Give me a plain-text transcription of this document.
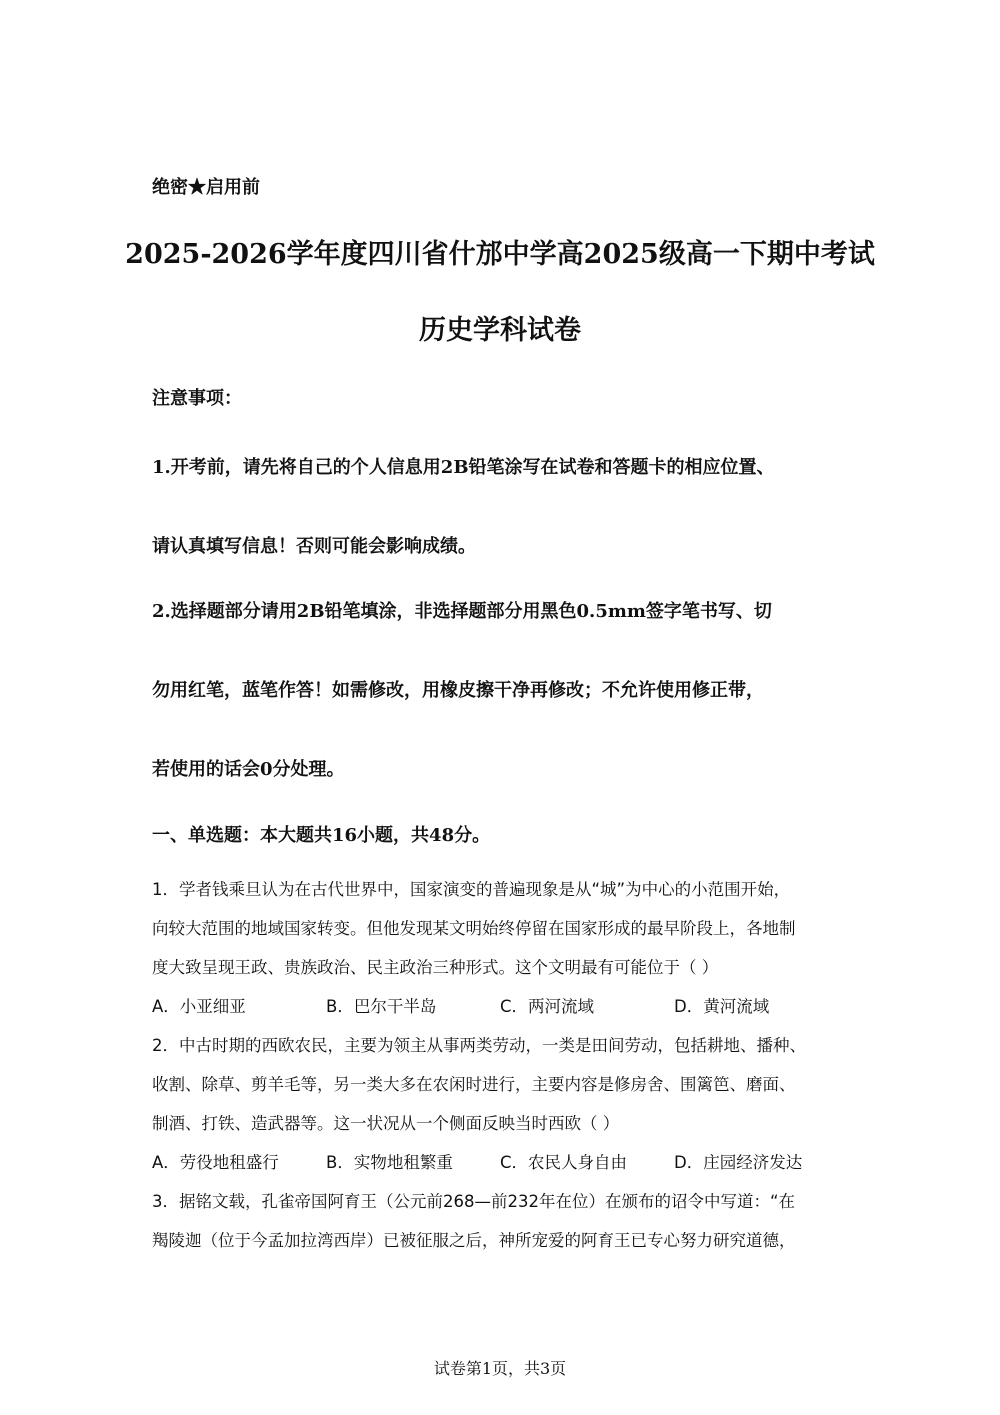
绝密★启用前
2025-2026学年度四川省什邡中学高2025级高一下期中考试
历史学科试卷
注意事项：
1.开考前，请先将自己的个人信息用2B铅笔涂写在试卷和答题卡的相应位置、
请认真填写信息！否则可能会影响成绩。
2.选择题部分请用2B铅笔填涂，非选择题部分用黑色0.5mm签字笔书写、切
勿用红笔，蓝笔作答！如需修改，用橡皮擦干净再修改；不允许使用修正带，
若使用的话会0分处理。
一、单选题：本大题共16小题，共48分。
1．学者钱乘旦认为在古代世界中，国家演变的普遍现象是从“城”为中心的小范围开始，
向较大范围的地域国家转变。但他发现某文明始终停留在国家形成的最早阶段上，各地制
度大致呈现王政、贵族政治、民主政治三种形式。这个文明最有可能位于（ ）
A．小亚细亚	B．巴尔干半岛	C．两河流域	D．黄河流域
2．中古时期的西欧农民，主要为领主从事两类劳动，一类是田间劳动，包括耕地、播种、
收割、除草、剪羊毛等，另一类大多在农闲时进行，主要内容是修房舍、围篱笆、磨面、
制酒、打铁、造武器等。这一状况从一个侧面反映当时西欧（ ）
A．劳役地租盛行	B．实物地租繁重	C．农民人身自由	D．庄园经济发达
3．据铭文载，孔雀帝国阿育王（公元前268—前232年在位）在颁布的诏令中写道：“在
羯陵迦（位于今孟加拉湾西岸）已被征服之后，神所宠爱的阿育王已专心努力研究道德，
试卷第1页，共3页
